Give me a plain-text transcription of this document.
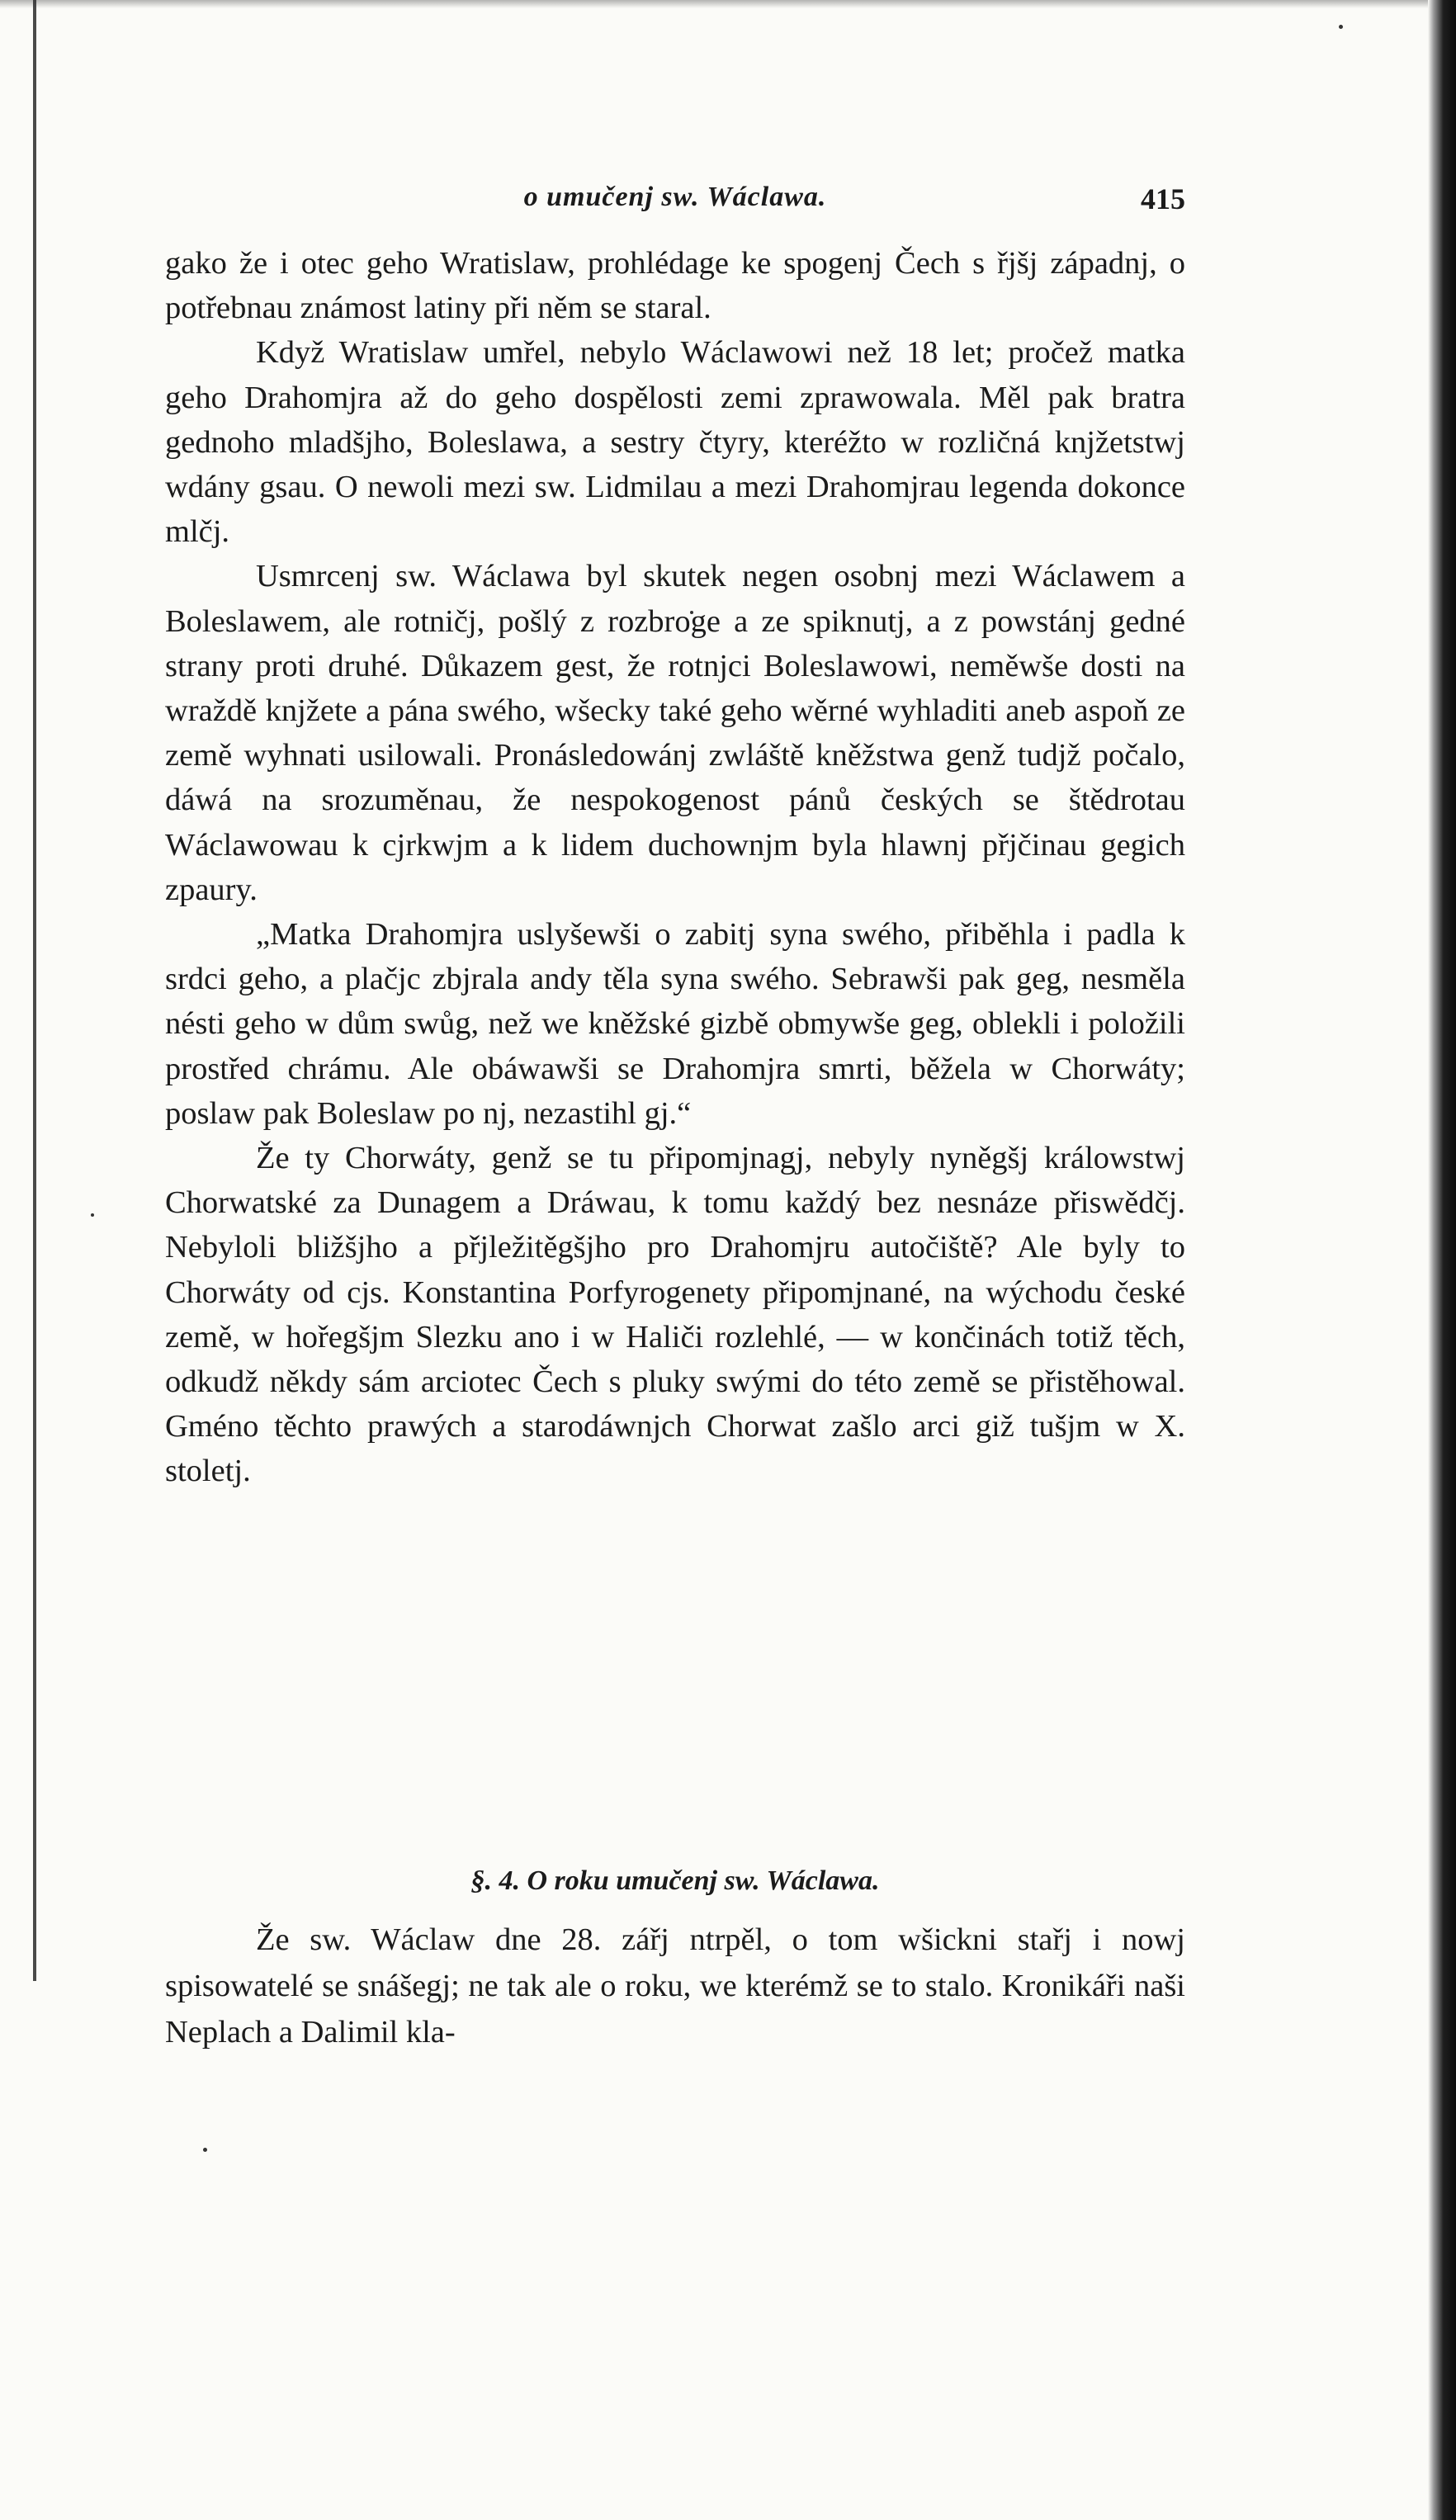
o umučenj sw. Wáclawa.	415

gako že i otec geho Wratislaw, prohlédage ke spogenj Čech s řjšj západnj, o potřebnau známost latiny při něm se staral.

Když Wratislaw umřel, nebylo Wáclawowi než 18 let; pročež matka geho Drahomjra až do geho dospělosti zemi zprawowala. Měl pak bratra gednoho mladšjho, Boleslawa, a sestry čtyry, kteréžto w rozličná knjžetstwj wdány gsau. O newoli mezi sw. Lidmilau a mezi Drahomjrau legenda dokonce mlčj.

Usmrcenj sw. Wáclawa byl skutek negen osobnj mezi Wáclawem a Boleslawem, ale rotničj, pošlý z rozbroge a ze spiknutj, a z powstánj gedné strany proti druhé. Důkazem gest, že rotnjci Boleslawowi, neměwše dosti na wraždě knjžete a pána swého, wšecky také geho wěrné wyhladiti aneb aspoň ze země wyhnati usilowali. Pronásledowánj zwláště kněžstwa genž tudjž počalo, dáwá na srozuměnau, že nespokogenost pánů českých se štědrotau Wáclawowau k cjrkwjm a k lidem duchownjm byla hlawnj přjčinau gegich zpaury.

„Matka Drahomjra uslyšewši o zabitj syna swého, přiběhla i padla k srdci geho, a plačjc zbjrala andy těla syna swého. Sebrawši pak geg, nesměla nésti geho w dům swůg, než we kněžské gizbě obmywše geg, oblekli i položili prostřed chrámu. Ale obáwawši se Drahomjra smrti, běžela w Chorwáty; poslaw pak Boleslaw po nj, nezastihl gj.“

Že ty Chorwáty, genž se tu připomjnagj, nebyly nyněgšj králowstwj Chorwatské za Dunagem a Dráwau, k tomu každý bez nesnáze přiswědčj. Nebyloli bližšjho a přjležitěgšjho pro Drahomjru autočiště? Ale byly to Chorwáty od cjs. Konstantina Porfyrogenety připomjnané, na wýchodu české země, w hořegšjm Slezku ano i w Haliči rozlehlé, — w končinách totiž těch, odkudž někdy sám arciotec Čech s pluky swými do této země se přistěhowal. Gméno těchto prawých a starodáwnjch Chorwat zašlo arci giž tušjm w X. stoletj.

§. 4. O roku umučenj sw. Wáclawa.

Že sw. Wáclaw dne 28. zářj ntrpěl, o tom wšickni stařj i nowj spisowatelé se snášegj; ne tak ale o roku, we kterémž se to stalo. Kronikáři naši Neplach a Dalimil kla-
